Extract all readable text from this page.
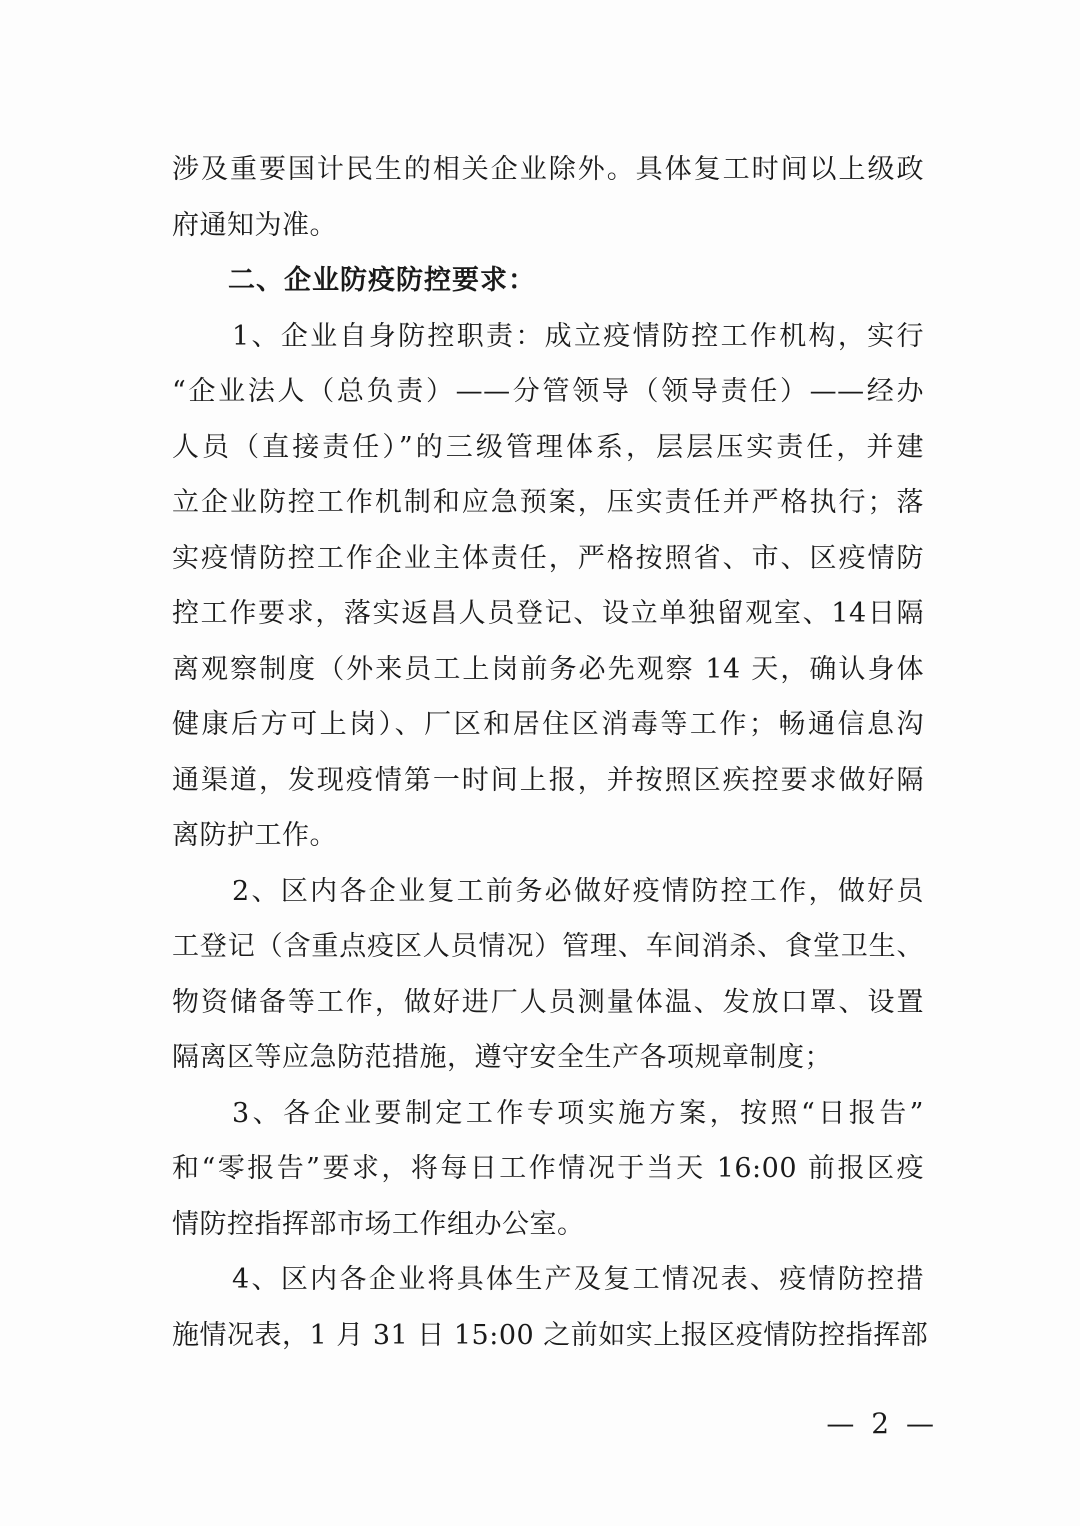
涉及重要国计民生的相关企业除外。具体复工时间以上级政
府通知为准。
二、企业防疫防控要求：
1、企业自身防控职责：成立疫情防控工作机构，实行
“企业法人（总负责）——分管领导（领导责任）——经办
人员（直接责任）”的三级管理体系，层层压实责任，并建
立企业防控工作机制和应急预案，压实责任并严格执行；落
实疫情防控工作企业主体责任，严格按照省、市、区疫情防
控工作要求，落实返昌人员登记、设立单独留观室、14日隔
离观察制度（外来员工上岗前务必先观察 14 天，确认身体
健康后方可上岗）、厂区和居住区消毒等工作；畅通信息沟
通渠道，发现疫情第一时间上报，并按照区疾控要求做好隔
离防护工作。
2、区内各企业复工前务必做好疫情防控工作，做好员
工登记（含重点疫区人员情况）管理、车间消杀、食堂卫生、
物资储备等工作，做好进厂人员测量体温、发放口罩、设置
隔离区等应急防范措施，遵守安全生产各项规章制度；
3、各企业要制定工作专项实施方案，按照“日报告”
和“零报告”要求，将每日工作情况于当天 16:00 前报区疫
情防控指挥部市场工作组办公室。
4、区内各企业将具体生产及复工情况表、疫情防控措
施情况表，1 月 31 日 15:00 之前如实上报区疫情防控指挥部
— 2 —
